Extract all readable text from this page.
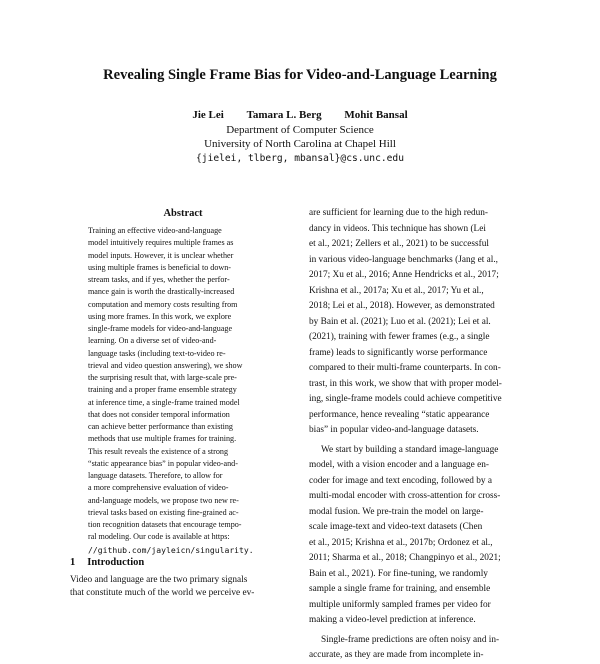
Revealing Single Frame Bias for Video-and-Language Learning
Jie Lei Tamara L. Berg Mohit Bansal
Department of Computer Science
University of North Carolina at Chapel Hill
{jielei, tlberg, mbansal}@cs.unc.edu
Abstract
Training an effective video-and-language
model intuitively requires multiple frames as
model inputs. However, it is unclear whether
using multiple frames is beneficial to down-
stream tasks, and if yes, whether the perfor-
mance gain is worth the drastically-increased
computation and memory costs resulting from
using more frames. In this work, we explore
single-frame models for video-and-language
learning. On a diverse set of video-and-
language tasks (including text-to-video re-
trieval and video question answering), we show
the surprising result that, with large-scale pre-
training and a proper frame ensemble strategy
at inference time, a single-frame trained model
that does not consider temporal information
can achieve better performance than existing
methods that use multiple frames for training.
This result reveals the existence of a strong
“static appearance bias” in popular video-and-
language datasets. Therefore, to allow for
a more comprehensive evaluation of video-
and-language models, we propose two new re-
trieval tasks based on existing fine-grained ac-
tion recognition datasets that encourage tempo-
ral modeling. Our code is available at https:
//github.com/jayleicn/singularity.
1 Introduction
Video and language are the two primary signals
that constitute much of the world we perceive ev-
are sufficient for learning due to the high redun-
dancy in videos. This technique has shown (Lei
et al., 2021; Zellers et al., 2021) to be successful
in various video-language benchmarks (Jang et al.,
2017; Xu et al., 2016; Anne Hendricks et al., 2017;
Krishna et al., 2017a; Xu et al., 2017; Yu et al.,
2018; Lei et al., 2018). However, as demonstrated
by Bain et al. (2021); Luo et al. (2021); Lei et al.
(2021), training with fewer frames (e.g., a single
frame) leads to significantly worse performance
compared to their multi-frame counterparts. In con-
trast, in this work, we show that with proper model-
ing, single-frame models could achieve competitive
performance, hence revealing “static appearance
bias” in popular video-and-language datasets.
We start by building a standard image-language
model, with a vision encoder and a language en-
coder for image and text encoding, followed by a
multi-modal encoder with cross-attention for cross-
modal fusion. We pre-train the model on large-
scale image-text and video-text datasets (Chen
et al., 2015; Krishna et al., 2017b; Ordonez et al.,
2011; Sharma et al., 2018; Changpinyo et al., 2021;
Bain et al., 2021). For fine-tuning, we randomly
sample a single frame for training, and ensemble
multiple uniformly sampled frames per video for
making a video-level prediction at inference.
Single-frame predictions are often noisy and in-
accurate, as they are made from incomplete in-
